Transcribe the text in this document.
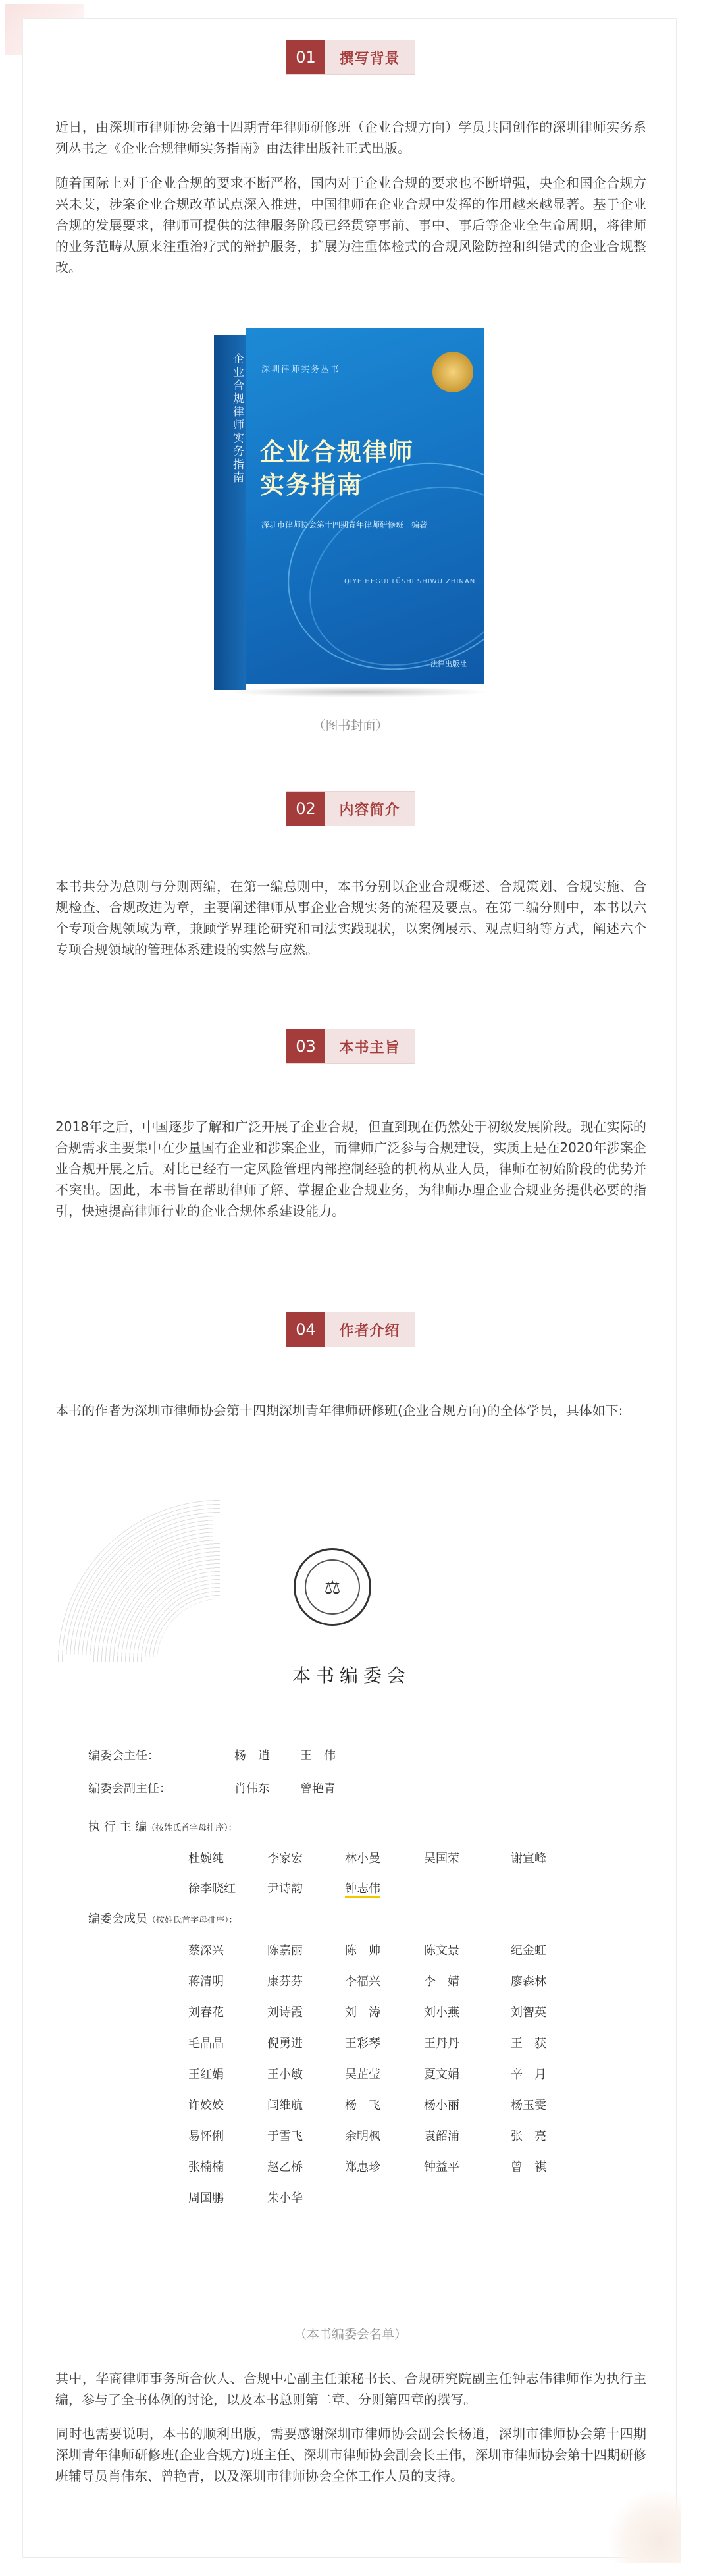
01	撰写背景

近日，由深圳市律师协会第十四期青年律师研修班（企业合规方向）学员共同创作的深圳律师实务系列丛书之《企业合规律师实务指南》由法律出版社正式出版。

随着国际上对于企业合规的要求不断严格，国内对于企业合规的要求也不断增强，央企和国企合规方兴未艾，涉案企业合规改革试点深入推进，中国律师在企业合规中发挥的作用越来越显著。基于企业合规的发展要求，律师可提供的法律服务阶段已经贯穿事前、事中、事后等企业全生命周期，将律师的业务范畴从原来注重治疗式的辩护服务，扩展为注重体检式的合规风险防控和纠错式的企业合规整改。

企业合规律师实务指南 深圳律师实务丛书
企业合规律师
实务指南
深圳市律师协会第十四期青年律师研修班　编著
QIYE HEGUI LÜSHI SHIWU ZHINAN
法律出版社
（图书封面）
02	内容简介

本书共分为总则与分则两编，在第一编总则中，本书分别以企业合规概述、合规策划、合规实施、合规检查、合规改进为章，主要阐述律师从事企业合规实务的流程及要点。在第二编分则中，本书以六个专项合规领域为章，兼顾学界理论研究和司法实践现状，以案例展示、观点归纳等方式，阐述六个专项合规领域的管理体系建设的实然与应然。

03	本书主旨

2018年之后，中国逐步了解和广泛开展了企业合规，但直到现在仍然处于初级发展阶段。现在实际的合规需求主要集中在少量国有企业和涉案企业，而律师广泛参与合规建设，实质上是在2020年涉案企业合规开展之后。对比已经有一定风险管理内部控制经验的机构从业人员，律师在初始阶段的优势并不突出。因此，本书旨在帮助律师了解、掌握企业合规业务，为律师办理企业合规业务提供必要的指引，快速提高律师行业的企业合规体系建设能力。

04	作者介绍

本书的作者为深圳市律师协会第十四期深圳青年律师研修班(企业合规方向)的全体学员，具体如下:

⚖
本书编委会
编委会主任：	杨　逍	王　伟
编委会副主任：	肖伟东	曾艳青
执 行 主 编（按姓氏首字母排序）：
杜婉纯	李家宏	林小曼	吴国荣	谢宣峰
徐李晓红	尹诗韵	钟志伟
编委会成员（按姓氏首字母排序）：
蔡深兴	陈嘉丽	陈　帅	陈文景	纪金虹
蒋清明	康芬芬	李福兴	李　婧	廖森林
刘春花	刘诗霞	刘　涛	刘小燕	刘智英
毛晶晶	倪勇进	王彩琴	王丹丹	王　获
王红娟	王小敏	吴芷莹	夏文娟	辛　月
许姣姣	闫维航	杨　飞	杨小丽	杨玉雯
易怀俐	于雪飞	余明枫	袁韶浦	张　亮
张楠楠	赵乙桥	郑惠珍	钟益平	曾　祺
周国鹏	朱小华
（本书编委会名单）

其中，华商律师事务所合伙人、合规中心副主任兼秘书长、合规研究院副主任钟志伟律师作为执行主编，参与了全书体例的讨论，以及本书总则第二章、分则第四章的撰写。

同时也需要说明，本书的顺利出版，需要感谢深圳市律师协会副会长杨逍，深圳市律师协会第十四期深圳青年律师研修班(企业合规方)班主任、深圳市律师协会副会长王伟，深圳市律师协会第十四期研修班辅导员肖伟东、曾艳青，以及深圳市律师协会全体工作人员的支持。
